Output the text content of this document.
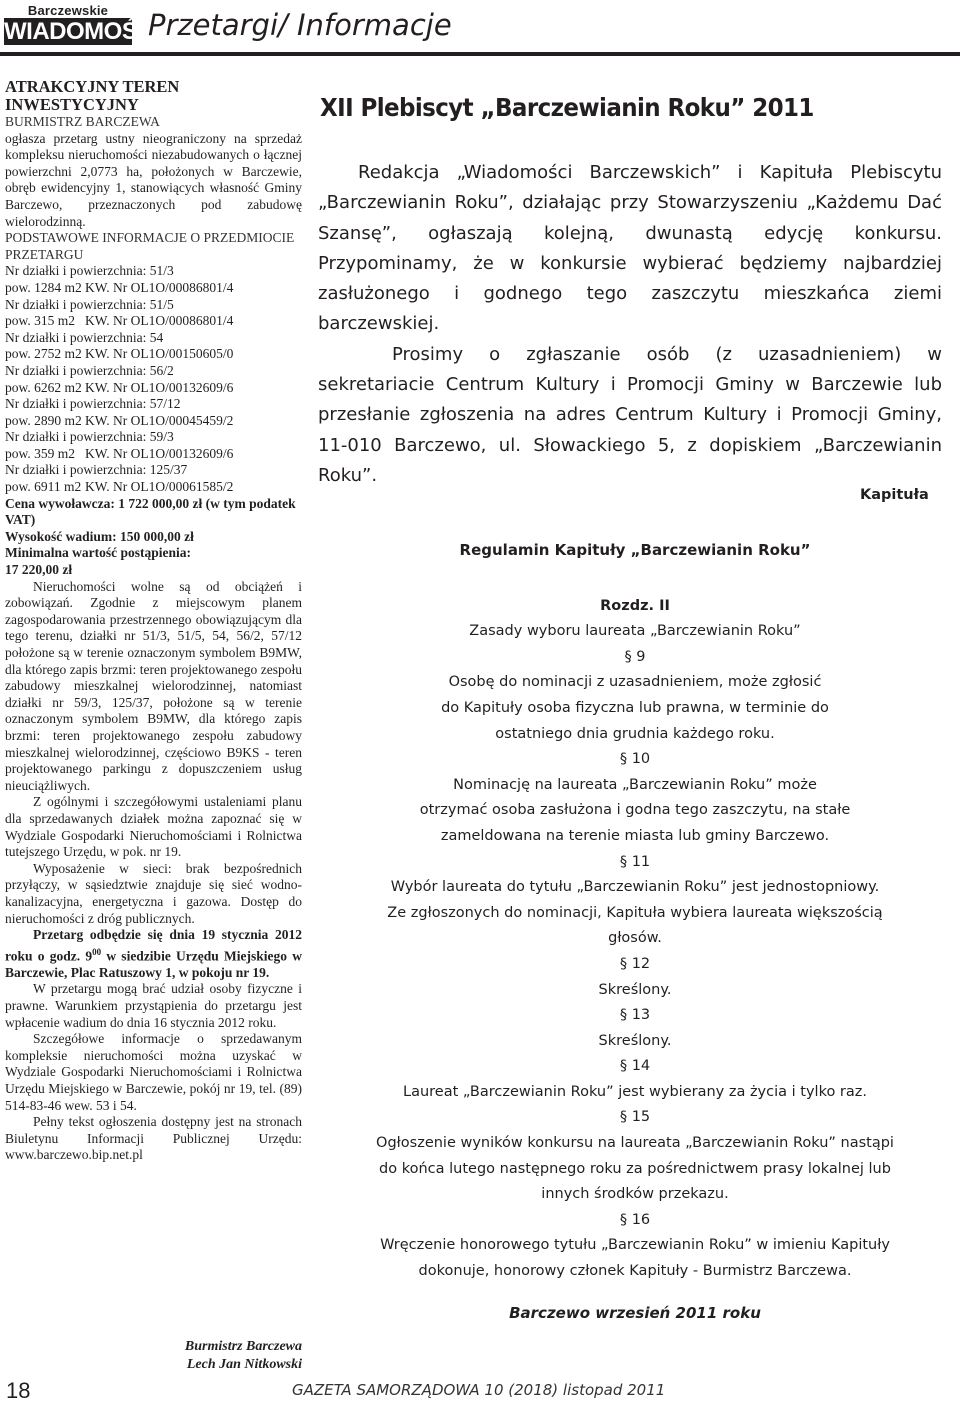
Barczewskie
WIADOMOŚCI
Przetargi/ Informacje

ATRAKCYJNY TEREN

INWESTYCYJNY

BURMISTRZ BARCZEWA

ogłasza przetarg ustny nieograniczony na sprzedaż kompleksu nieruchomości niezabudowanych o łącznej powierzchni 2,0773 ha, położonych w Barczewie, obręb ewidencyjny 1, stanowiących własność Gminy Barczewo, przeznaczonych pod zabudowę wielorodzinną.

PODSTAWOWE INFORMACJE O PRZEDMIOCIE PRZETARGU

Nr działki i powierzchnia: 51/3

pow. 1284 m2 KW. Nr OL1O/00086801/4

Nr działki i powierzchnia: 51/5

pow. 315 m2 KW. Nr OL1O/00086801/4

Nr działki i powierzchnia: 54

pow. 2752 m2 KW. Nr OL1O/00150605/0

Nr działki i powierzchnia: 56/2

pow. 6262 m2 KW. Nr OL1O/00132609/6

Nr działki i powierzchnia: 57/12

pow. 2890 m2 KW. Nr OL1O/00045459/2

Nr działki i powierzchnia: 59/3

pow. 359 m2 KW. Nr OL1O/00132609/6

Nr działki i powierzchnia: 125/37

pow. 6911 m2 KW. Nr OL1O/00061585/2

Cena wywoławcza: 1 722 000,00 zł (w tym podatek VAT)

Wysokość wadium: 150 000,00 zł

Minimalna wartość postąpienia:

17 220,00 zł

Nieruchomości wolne są od obciążeń i zobowiązań. Zgodnie z miejscowym planem zagospodarowania przestrzennego obowiązującym dla tego terenu, działki nr 51/3, 51/5, 54, 56/2, 57/12 położone są w terenie oznaczonym symbolem B9MW, dla którego zapis brzmi: teren projektowanego zespołu zabudowy mieszkalnej wielorodzinnej, natomiast działki nr 59/3, 125/37, położone są w terenie oznaczonym symbolem B9MW, dla którego zapis brzmi: teren projektowanego zespołu zabudowy mieszkalnej wielorodzinnej, częściowo B9KS - teren projektowanego parkingu z dopuszczeniem usług nieuciążliwych.

Z ogólnymi i szczegółowymi ustaleniami planu dla sprzedawanych działek można zapoznać się w Wydziale Gospodarki Nieruchomościami i Rolnictwa tutejszego Urzędu, w pok. nr 19.

Wyposażenie w sieci: brak bezpośrednich przyłączy, w sąsiedztwie znajduje się sieć wodno-kanalizacyjna, energetyczna i gazowa. Dostęp do nieruchomości z dróg publicznych.

Przetarg odbędzie się dnia 19 stycznia 2012 roku o godz. $9^{00}$ w siedzibie Urzędu Miejskiego w Barczewie, Plac Ratuszowy 1, w pokoju nr 19.

W przetargu mogą brać udział osoby fizyczne i prawne. Warunkiem przystąpienia do przetargu jest wpłacenie wadium do dnia 16 stycznia 2012 roku.

Szczegółowe informacje o sprzedawanym kompleksie nieruchomości można uzyskać w Wydziale Gospodarki Nieruchomościami i Rolnictwa Urzędu Miejskiego w Barczewie, pokój nr 19, tel. (89) 514-83-46 wew. 53 i 54.

Pełny tekst ogłoszenia dostępny jest na stronach Biuletynu Informacji Publicznej Urzędu: www.barczewo.bip.net.pl

Burmistrz Barczewa
Lech Jan Nitkowski
XII Plebiscyt „Barczewianin Roku” 2011

Redakcja „Wiadomości Barczewskich” i Kapituła Plebiscytu „Barczewianin Roku”, działając przy Stowarzyszeniu „Każdemu Dać Szansę”, ogłaszają kolejną, dwunastą edycję konkursu. Przypominamy, że w konkursie wybierać będziemy najbardziej zasłużonego i godnego tego zaszczytu mieszkańca ziemi barczewskiej.

Prosimy o zgłaszanie osób (z uzasadnieniem) w sekretariacie Centrum Kultury i Promocji Gminy w Barczewie lub przesłanie zgłoszenia na adres Centrum Kultury i Promocji Gminy, 11-010 Barczewo, ul. Słowackiego 5, z dopiskiem „Barczewianin Roku”.

Kapituła

Regulamin Kapituły „Barczewianin Roku”

Rozdz. II

Zasady wyboru laureata „Barczewianin Roku”

§ 9

Osobę do nominacji z uzasadnieniem, może zgłosić

do Kapituły osoba fizyczna lub prawna, w terminie do

ostatniego dnia grudnia każdego roku.

§ 10

Nominację na laureata „Barczewianin Roku” może

otrzymać osoba zasłużona i godna tego zaszczytu, na stałe

zameldowana na terenie miasta lub gminy Barczewo.

§ 11

Wybór laureata do tytułu „Barczewianin Roku” jest jednostopniowy.

Ze zgłoszonych do nominacji, Kapituła wybiera laureata większością

głosów.

§ 12

Skreślony.

§ 13

Skreślony.

§ 14

Laureat „Barczewianin Roku” jest wybierany za życia i tylko raz.

§ 15

Ogłoszenie wyników konkursu na laureata „Barczewianin Roku” nastąpi

do końca lutego następnego roku za pośrednictwem prasy lokalnej lub

innych środków przekazu.

§ 16

Wręczenie honorowego tytułu „Barczewianin Roku” w imieniu Kapituły

dokonuje, honorowy członek Kapituły - Burmistrz Barczewa.

Barczewo wrzesień 2011 roku
18	GAZETA SAMORZĄDOWA 10 (2018) listopad 2011
